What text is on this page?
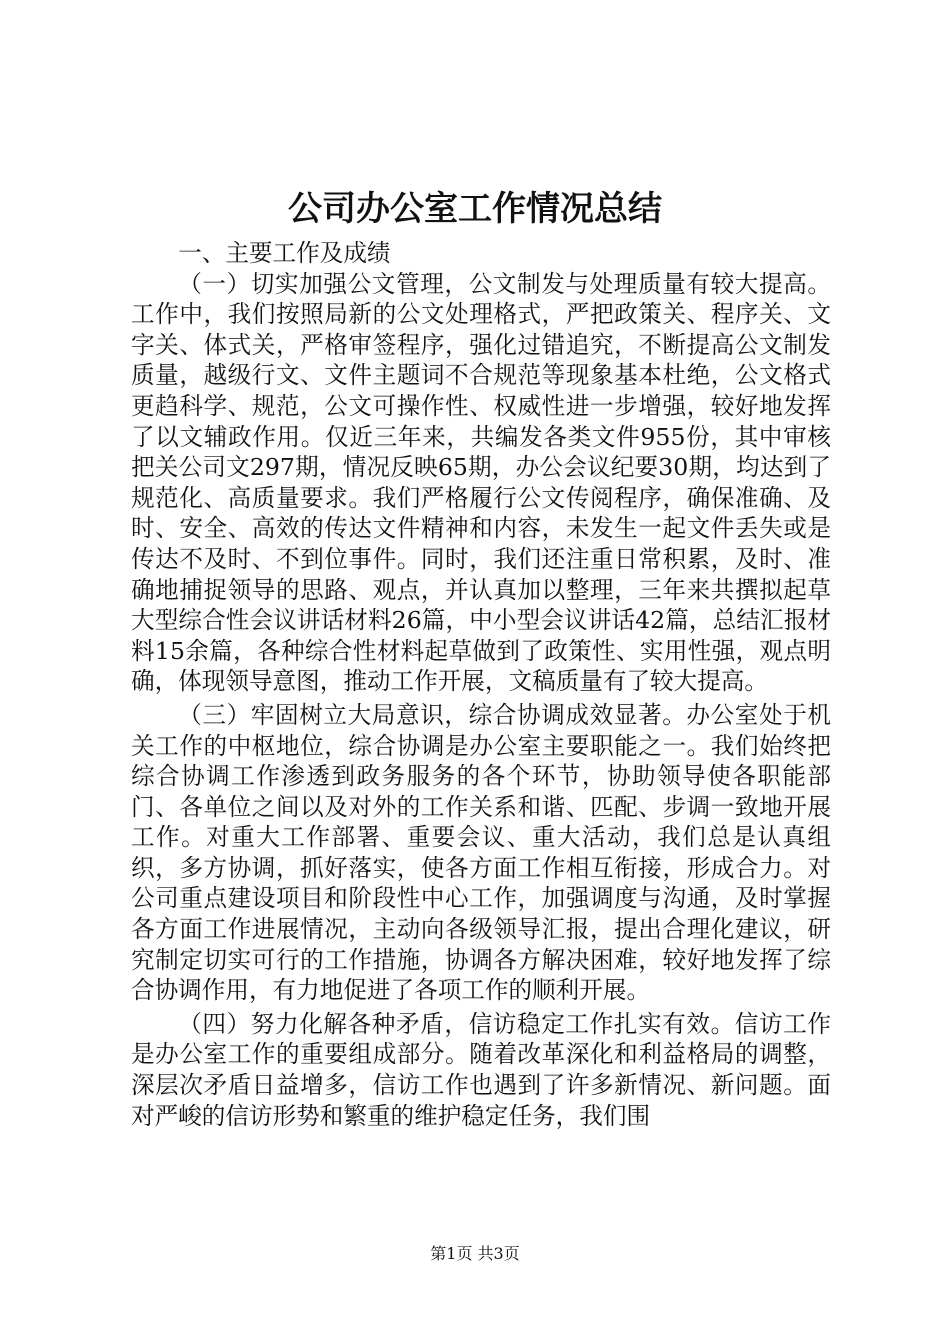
公司办公室工作情况总结

一、主要工作及成绩

（一）切实加强公文管理，公文制发与处理质量有较大提高。工作中，我们按照局新的公文处理格式，严把政策关、程序关、文字关、体式关，严格审签程序，强化过错追究，不断提高公文制发质量，越级行文、文件主题词不合规范等现象基本杜绝，公文格式更趋科学、规范，公文可操作性、权威性进一步增强，较好地发挥了以文辅政作用。仅近三年来，共编发各类文件955份，其中审核把关公司文297期，情况反映65期，办公会议纪要30期，均达到了规范化、高质量要求。我们严格履行公文传阅程序，确保准确、及时、安全、高效的传达文件精神和内容，未发生一起文件丢失或是传达不及时、不到位事件。同时，我们还注重日常积累，及时、准确地捕捉领导的思路、观点，并认真加以整理，三年来共撰拟起草大型综合性会议讲话材料26篇，中小型会议讲话42篇，总结汇报材料15余篇，各种综合性材料起草做到了政策性、实用性强，观点明确，体现领导意图，推动工作开展，文稿质量有了较大提高。

（三）牢固树立大局意识，综合协调成效显著。办公室处于机关工作的中枢地位，综合协调是办公室主要职能之一。我们始终把综合协调工作渗透到政务服务的各个环节，协助领导使各职能部门、各单位之间以及对外的工作关系和谐、匹配、步调一致地开展工作。对重大工作部署、重要会议、重大活动，我们总是认真组织，多方协调，抓好落实，使各方面工作相互衔接，形成合力。对公司重点建设项目和阶段性中心工作，加强调度与沟通，及时掌握各方面工作进展情况，主动向各级领导汇报，提出合理化建议，研究制定切实可行的工作措施，协调各方解决困难，较好地发挥了综合协调作用，有力地促进了各项工作的顺利开展。

（四）努力化解各种矛盾，信访稳定工作扎实有效。信访工作是办公室工作的重要组成部分。随着改革深化和利益格局的调整，深层次矛盾日益增多，信访工作也遇到了许多新情况、新问题。面对严峻的信访形势和繁重的维护稳定任务，我们围

第1页 共3页
